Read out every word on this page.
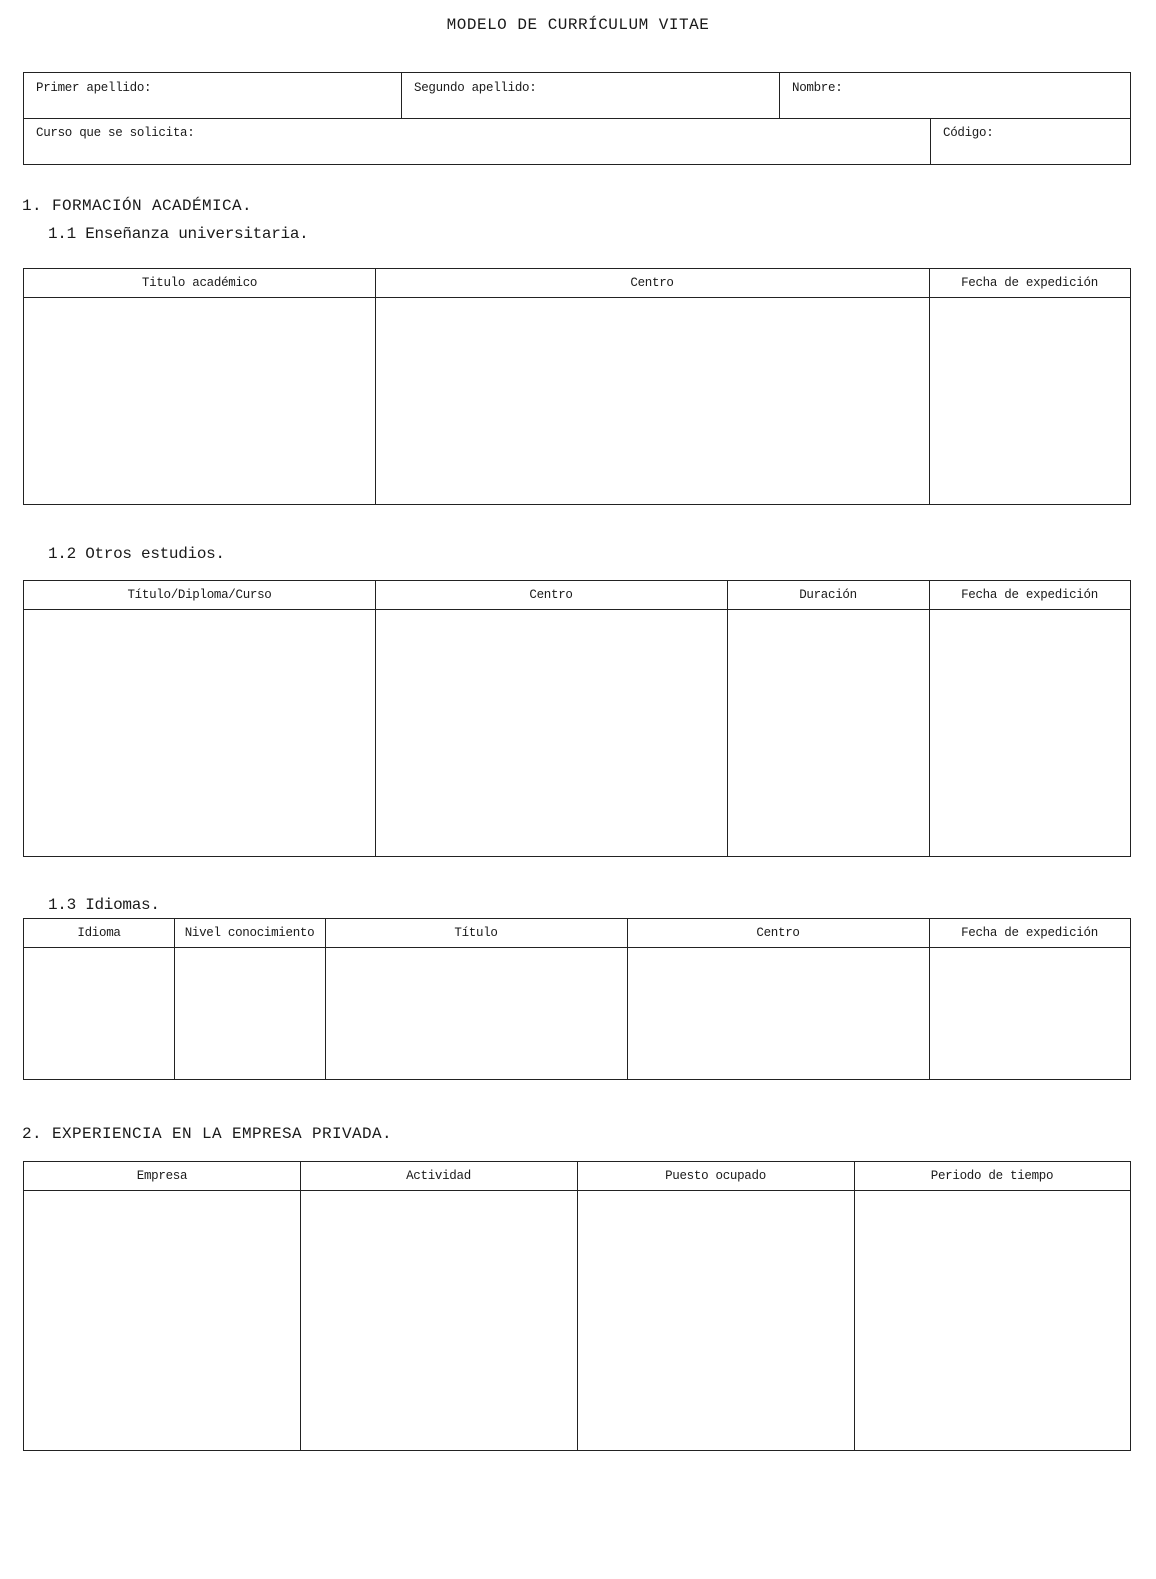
MODELO DE CURRÍCULUM VITAE
Primer apellido:	Segundo apellido:	Nombre:
Curso que se solicita:	Código:
1. FORMACIÓN ACADÉMICA.
1.1 Enseñanza universitaria.
Titulo académico	Centro	Fecha de expedición
1.2 Otros estudios.
Título/Diploma/Curso	Centro	Duración	Fecha de expedición
1.3 Idiomas.
Idioma	Nivel conocimiento	Título	Centro	Fecha de expedición
2. EXPERIENCIA EN LA EMPRESA PRIVADA.
Empresa	Actividad	Puesto ocupado	Periodo de tiempo
